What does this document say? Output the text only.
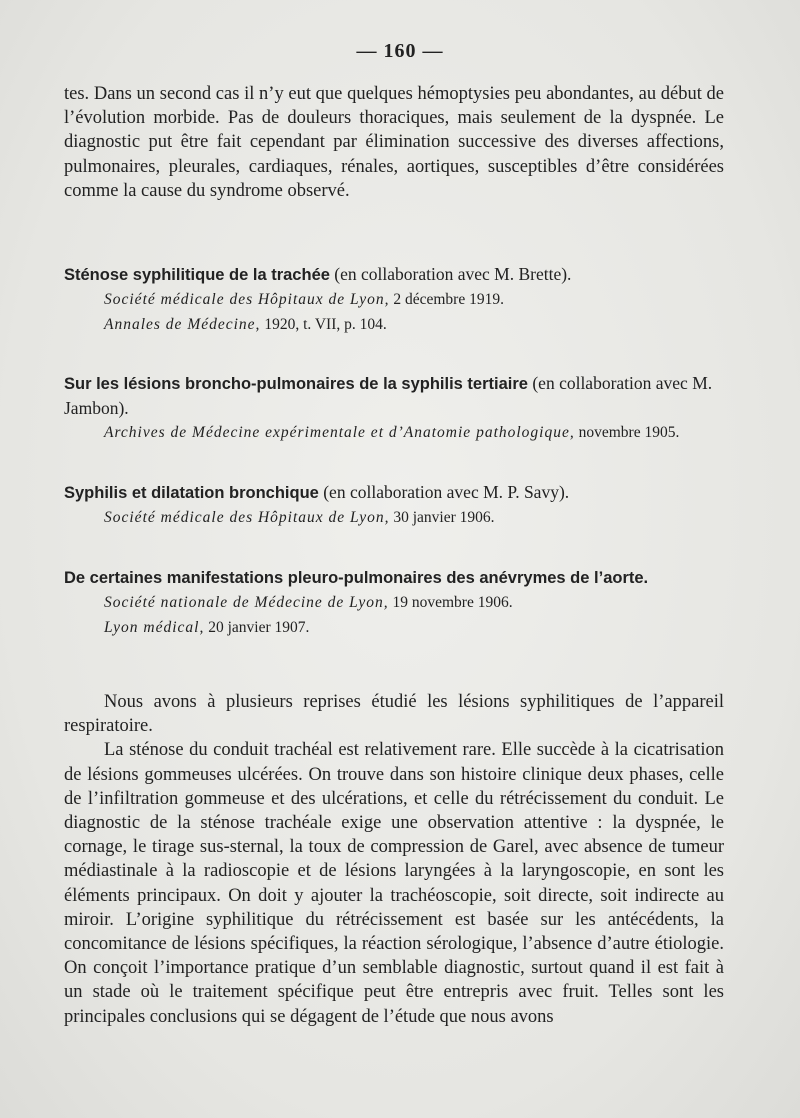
— 160 —
tes. Dans un second cas il n’y eut que quelques hémoptysies peu abondantes, au début de l’évolution morbide. Pas de douleurs thoraciques, mais seulement de la dyspnée. Le diagnostic put être fait cependant par élimination successive des diverses affections, pulmonaires, pleurales, cardiaques, rénales, aortiques, susceptibles d’être considérées comme la cause du syndrome observé.
Sténose syphilitique de la trachée (en collaboration avec M. Brette).
Société médicale des Hôpitaux de Lyon, 2 décembre 1919.
Annales de Médecine, 1920, t. VII, p. 104.
Sur les lésions broncho-pulmonaires de la syphilis tertiaire (en collaboration avec M. Jambon).
Archives de Médecine expérimentale et d’Anatomie pathologique, novembre 1905.
Syphilis et dilatation bronchique (en collaboration avec M. P. Savy).
Société médicale des Hôpitaux de Lyon, 30 janvier 1906.
De certaines manifestations pleuro-pulmonaires des anévrymes de l’aorte.
Société nationale de Médecine de Lyon, 19 novembre 1906.
Lyon médical, 20 janvier 1907.

Nous avons à plusieurs reprises étudié les lésions syphilitiques de l’appareil respiratoire.

La sténose du conduit trachéal est relativement rare. Elle succède à la cicatrisation de lésions gommeuses ulcérées. On trouve dans son histoire clinique deux phases, celle de l’infiltration gommeuse et des ulcérations, et celle du rétrécissement du conduit. Le diagnostic de la sténose trachéale exige une observation attentive : la dyspnée, le cornage, le tirage sus-sternal, la toux de compression de Garel, avec absence de tumeur médiastinale à la radioscopie et de lésions laryngées à la laryngoscopie, en sont les éléments principaux. On doit y ajouter la trachéoscopie, soit directe, soit indirecte au miroir. L’origine syphilitique du rétrécissement est basée sur les antécédents, la concomitance de lésions spécifiques, la réaction sérologique, l’absence d’autre étiologie. On conçoit l’importance pratique d’un semblable diagnostic, surtout quand il est fait à un stade où le traitement spécifique peut être entrepris avec fruit. Telles sont les principales conclusions qui se dégagent de l’étude que nous avons
